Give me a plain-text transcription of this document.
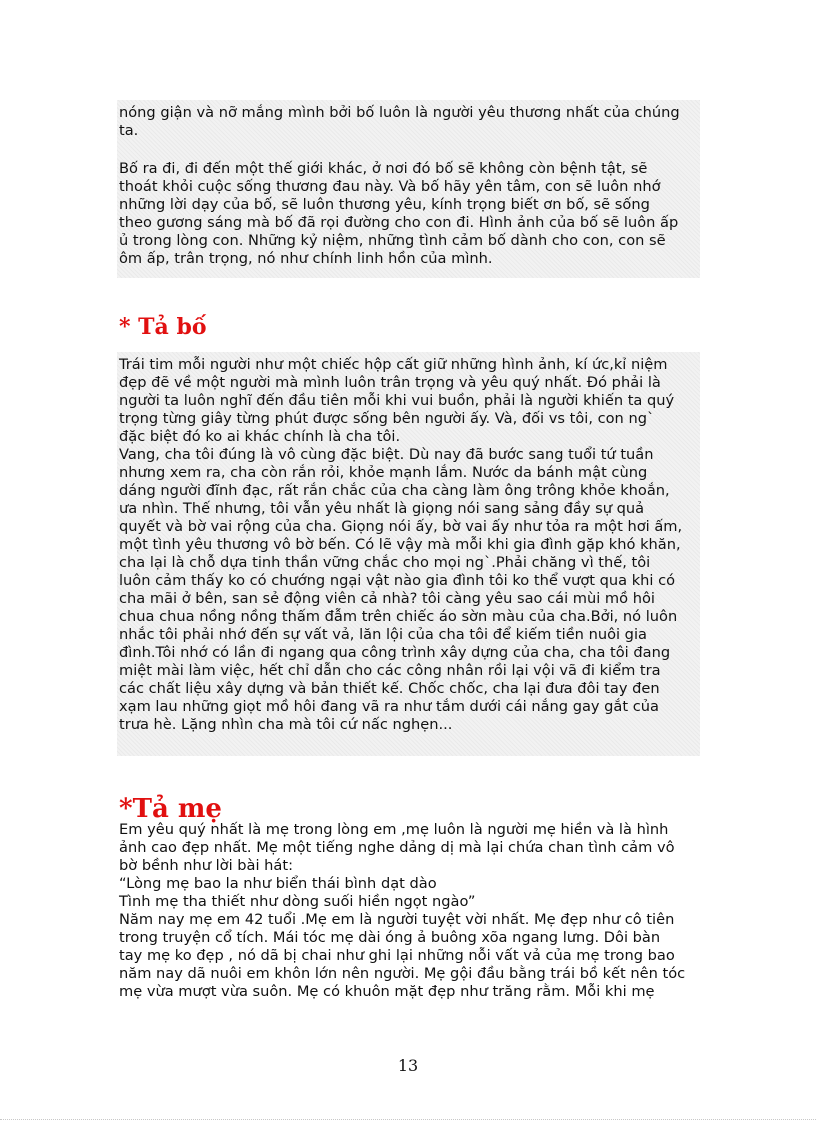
nóng giận và nỡ mắng mình bởi bố luôn là người yêu thương nhất của chúng
ta.

Bố ra đi, đi đến một thế giới khác, ở nơi đó bố sẽ không còn bệnh tật, sẽ
thoát khỏi cuộc sống thương đau này. Và bố hãy yên tâm, con sẽ luôn nhớ
những lời dạy của bố, sẽ luôn thương yêu, kính trọng biết ơn bố, sẽ sống
theo gương sáng mà bố đã rọi đường cho con đi. Hình ảnh của bố sẽ luôn ấp
ủ trong lòng con. Những kỷ niệm, những tình cảm bố dành cho con, con sẽ
ôm ấp, trân trọng, nó như chính linh hồn của mình.

* Tả bố

Trái tim mỗi người như một chiếc hộp cất giữ những hình ảnh, kí ức,kỉ niệm
đẹp đẽ về một người mà mình luôn trân trọng và yêu quý nhất. Đó phải là
người ta luôn nghĩ đến đầu tiên mỗi khi vui buồn, phải là người khiến ta quý
trọng từng giây từng phút được sống bên người ấy. Và, đối vs tôi, con ng`
đặc biệt đó ko ai khác chính là cha tôi.
Vang, cha tôi đúng là vô cùng đặc biệt. Dù nay đã bước sang tuổi tứ tuần
nhưng xem ra, cha còn rắn rỏi, khỏe mạnh lắm. Nước da bánh mật cùng
dáng người đĩnh đạc, rất rắn chắc của cha càng làm ông trông khỏe khoắn,
ưa nhìn. Thế nhưng, tôi vẫn yêu nhất là giọng nói sang sảng đầy sự quả
quyết và bờ vai rộng của cha. Giọng nói ấy, bờ vai ấy như tỏa ra một hơi ấm,
một tình yêu thương vô bờ bến. Có lẽ vậy mà mỗi khi gia đình gặp khó khăn,
cha lại là chỗ dựa tinh thần vững chắc cho mọi ng`.Phải chăng vì thế, tôi
luôn cảm thấy ko có chướng ngại vật nào gia đình tôi ko thể vượt qua khi có
cha mãi ở bên, san sẻ động viên cả nhà? tôi càng yêu sao cái mùi mồ hôi
chua chua nồng nồng thấm đẫm trên chiếc áo sờn màu của cha.Bởi, nó luôn
nhắc tôi phải nhớ đến sự vất vả, lăn lội của cha tôi để kiếm tiền nuôi gia
đình.Tôi nhớ có lần đi ngang qua công trình xây dựng của cha, cha tôi đang
miệt mài làm việc, hết chỉ dẫn cho các công nhân rồi lại vội vã đi kiểm tra
các chất liệu xây dựng và bản thiết kế. Chốc chốc, cha lại đưa đôi tay đen
xạm lau những giọt mồ hôi đang vã ra như tắm dưới cái nắng gay gắt của
trưa hè. Lặng nhìn cha mà tôi cứ nấc nghẹn...

*Tả mẹ

Em yêu quý nhất là mẹ trong lòng em ,mẹ luôn là người mẹ hiền và là hình
ảnh cao đẹp nhất. Mẹ một tiếng nghe dảng dị mà lại chứa chan tình cảm vô
bờ bềnh như lời bài hát:
“Lòng mẹ bao la như biển thái bình dạt dào
Tình mẹ tha thiết như dòng suối hiền ngọt ngào”
Năm nay mẹ em 42 tuổi .Mẹ em là người tuyệt vời nhất. Mẹ đẹp như cô tiên
trong truyện cổ tích. Mái tóc mẹ dài óng ả buông xõa ngang lưng. Dôi bàn
tay mẹ ko đẹp , nó dã bị chai như ghi lại những nỗi vất vả của mẹ trong bao
năm nay dã nuôi em khôn lớn nên người. Mẹ gội đầu bằng trái bồ kết nên tóc
mẹ vừa mượt vừa suôn. Mẹ có khuôn mặt đẹp như trăng rằm. Mỗi khi mẹ

13
